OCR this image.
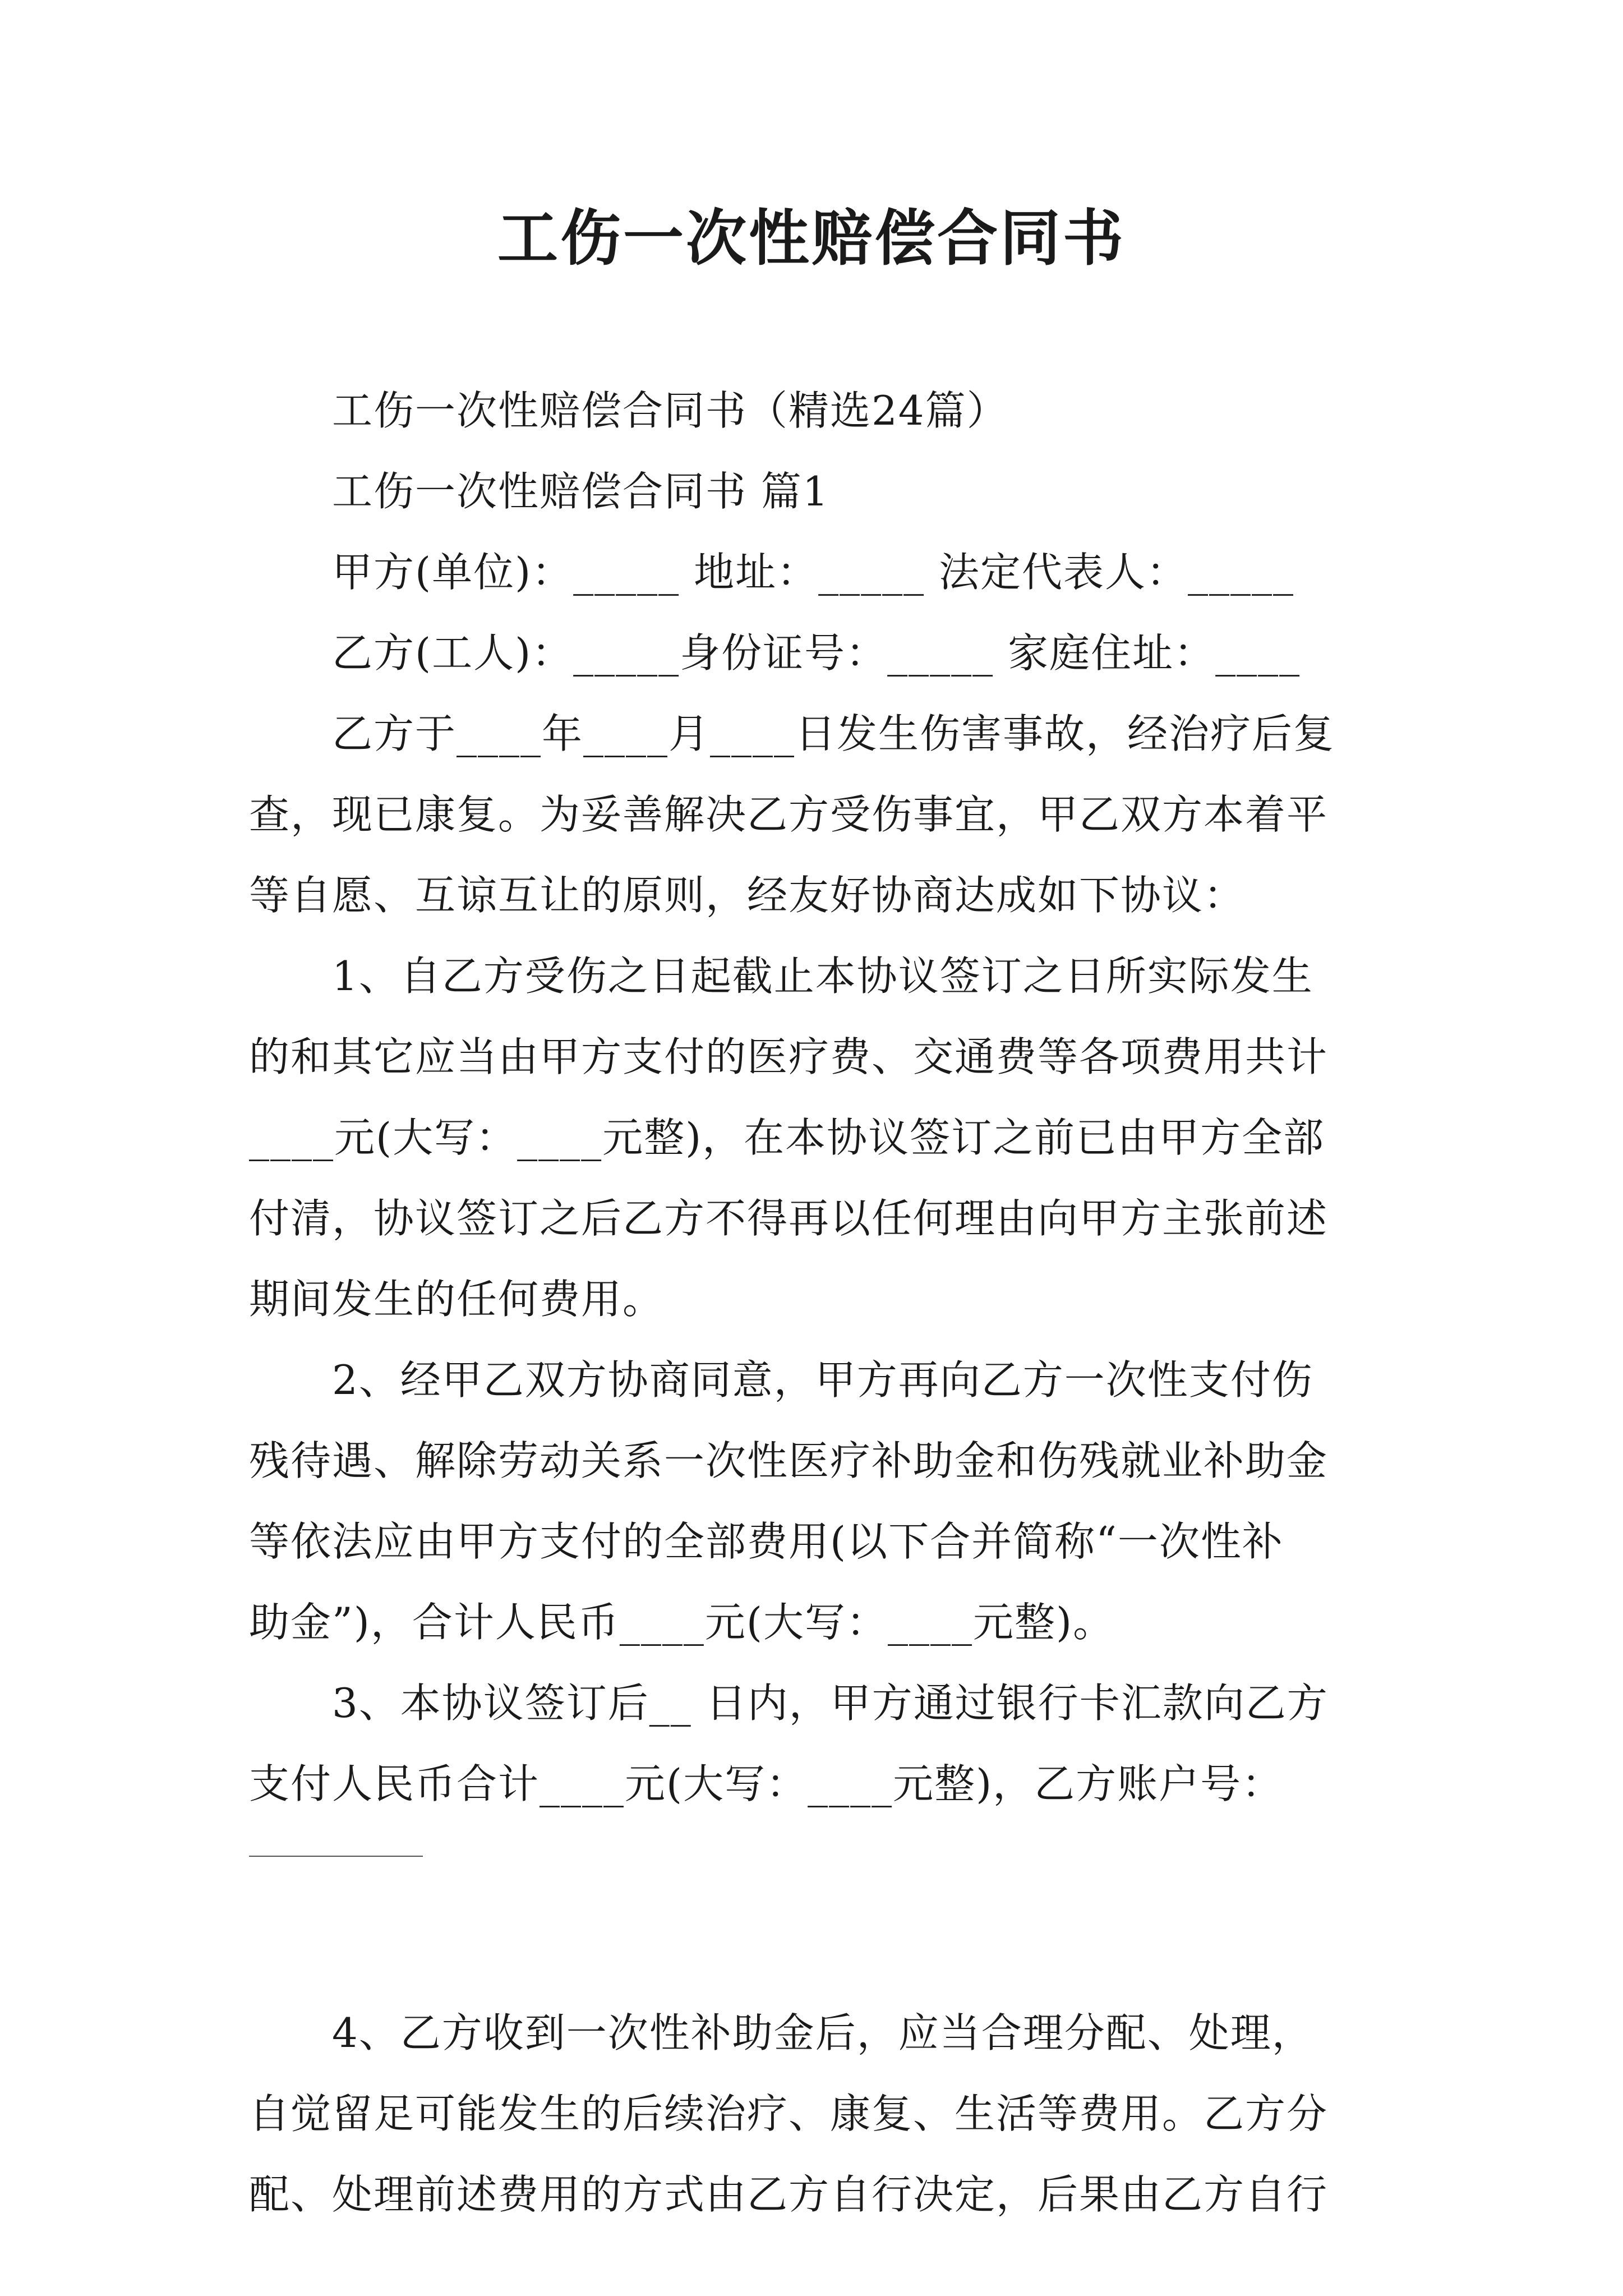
工伤一次性赔偿合同书
工伤一次性赔偿合同书（精选24篇）
工伤一次性赔偿合同书 篇1
甲方(单位)：_____ 地址：_____ 法定代表人：_____
乙方(工人)：_____身份证号：_____ 家庭住址：____
乙方于____年____月____日发生伤害事故，经治疗后复
查，现已康复。为妥善解决乙方受伤事宜，甲乙双方本着平
等自愿、互谅互让的原则，经友好协商达成如下协议：
1、自乙方受伤之日起截止本协议签订之日所实际发生
的和其它应当由甲方支付的医疗费、交通费等各项费用共计
____元(大写：____元整)，在本协议签订之前已由甲方全部
付清，协议签订之后乙方不得再以任何理由向甲方主张前述
期间发生的任何费用。
2、经甲乙双方协商同意，甲方再向乙方一次性支付伤
残待遇、解除劳动关系一次性医疗补助金和伤残就业补助金
等依法应由甲方支付的全部费用(以下合并简称“一次性补
助金”)，合计人民币____元(大写：____元整)。
3、本协议签订后__ 日内，甲方通过银行卡汇款向乙方
支付人民币合计____元(大写：____元整)，乙方账户号：
4、乙方收到一次性补助金后，应当合理分配、处理，
自觉留足可能发生的后续治疗、康复、生活等费用。乙方分
配、处理前述费用的方式由乙方自行决定，后果由乙方自行
